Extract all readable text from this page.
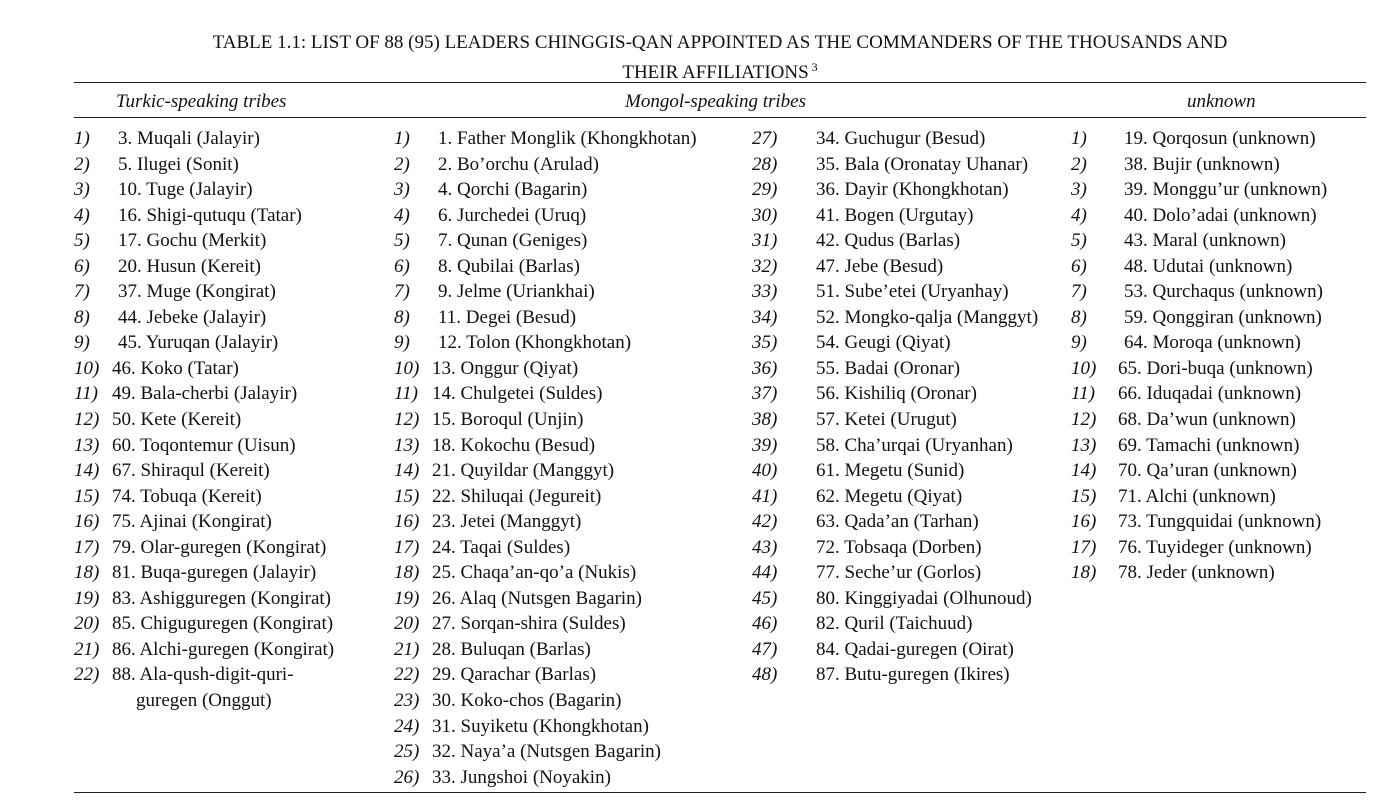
TABLE 1.1: LIST OF 88 (95) LEADERS CHINGGIS-QAN APPOINTED AS THE COMMANDERS OF THE THOUSANDS AND
THEIR AFFILIATIONS $^3$
Turkic-speaking tribes	Mongol-speaking tribes	unknown
1)	3. Muqali (Jalayir)
2)	5. Ilugei (Sonit)
3)	10. Tuge (Jalayir)
4)	16. Shigi-qutuqu (Tatar)
5)	17. Gochu (Merkit)
6)	20. Husun (Kereit)
7)	37. Muge (Kongirat)
8)	44. Jebeke (Jalayir)
9)	45. Yuruqan (Jalayir)
10) 46. Koko (Tatar)
11) 49. Bala-cherbi (Jalayir)
12) 50. Kete (Kereit)
13) 60. Toqontemur (Uisun)
14) 67. Shiraqul (Kereit)
15) 74. Tobuqa (Kereit)
16) 75. Ajinai (Kongirat)
17) 79. Olar-guregen (Kongirat)
18) 81. Buqa-guregen (Jalayir)
19) 83. Ashigguregen (Kongirat)
20) 85. Chiguguregen (Kongirat)
21) 86. Alchi-guregen (Kongirat)
22) 88. Ala-qush-digit-quri-
guregen (Onggut)
1)	1. Father Monglik (Khongkhotan)
2)	2. Bo’orchu (Arulad)
3)	4. Qorchi (Bagarin)
4)	6. Jurchedei (Uruq)
5)	7. Qunan (Geniges)
6)	8. Qubilai (Barlas)
7)	9. Jelme (Uriankhai)
8)	11. Degei (Besud)
9)	12. Tolon (Khongkhotan)
10) 13. Onggur (Qiyat)
11) 14. Chulgetei (Suldes)
12) 15. Boroqul (Unjin)
13) 18. Kokochu (Besud)
14) 21. Quyildar (Manggyt)
15) 22. Shiluqai (Jegureit)
16) 23. Jetei (Manggyt)
17) 24. Taqai (Suldes)
18) 25. Chaqa’an-qo’a (Nukis)
19) 26. Alaq (Nutsgen Bagarin)
20) 27. Sorqan-shira (Suldes)
21) 28. Buluqan (Barlas)
22) 29. Qarachar (Barlas)
23) 30. Koko-chos (Bagarin)
24) 31. Suyiketu (Khongkhotan)
25) 32. Naya’a (Nutsgen Bagarin)
26) 33. Jungshoi (Noyakin)
27)	34. Guchugur (Besud)
28)	35. Bala (Oronatay Uhanar)
29)	36. Dayir (Khongkhotan)
30)	41. Bogen (Urgutay)
31)	42. Qudus (Barlas)
32)	47. Jebe (Besud)
33)	51. Sube’etei (Uryanhay)
34)	52. Mongko-qalja (Manggyt)
35)	54. Geugi (Qiyat)
36)	55. Badai (Oronar)
37)	56. Kishiliq (Oronar)
38)	57. Ketei (Urugut)
39)	58. Cha’urqai (Uryanhan)
40)	61. Megetu (Sunid)
41)	62. Megetu (Qiyat)
42)	63. Qada’an (Tarhan)
43)	72. Tobsaqa (Dorben)
44)	77. Seche’ur (Gorlos)
45)	80. Kinggiyadai (Olhunoud)
46)	82. Quril (Taichuud)
47)	84. Qadai-guregen (Oirat)
48)	87. Butu-guregen (Ikires)
1)	19. Qorqosun (unknown)
2)	38. Bujir (unknown)
3)	39. Monggu’ur (unknown)
4)	40. Dolo’adai (unknown)
5)	43. Maral (unknown)
6)	48. Udutai (unknown)
7)	53. Qurchaqus (unknown)
8)	59. Qonggiran (unknown)
9)	64. Moroqa (unknown)
10)	65. Dori-buqa (unknown)
11)	66. Iduqadai (unknown)
12)	68. Da’wun (unknown)
13)	69. Tamachi (unknown)
14)	70. Qa’uran (unknown)
15)	71. Alchi (unknown)
16)	73. Tungquidai (unknown)
17)	76. Tuyideger (unknown)
18)	78. Jeder (unknown)
